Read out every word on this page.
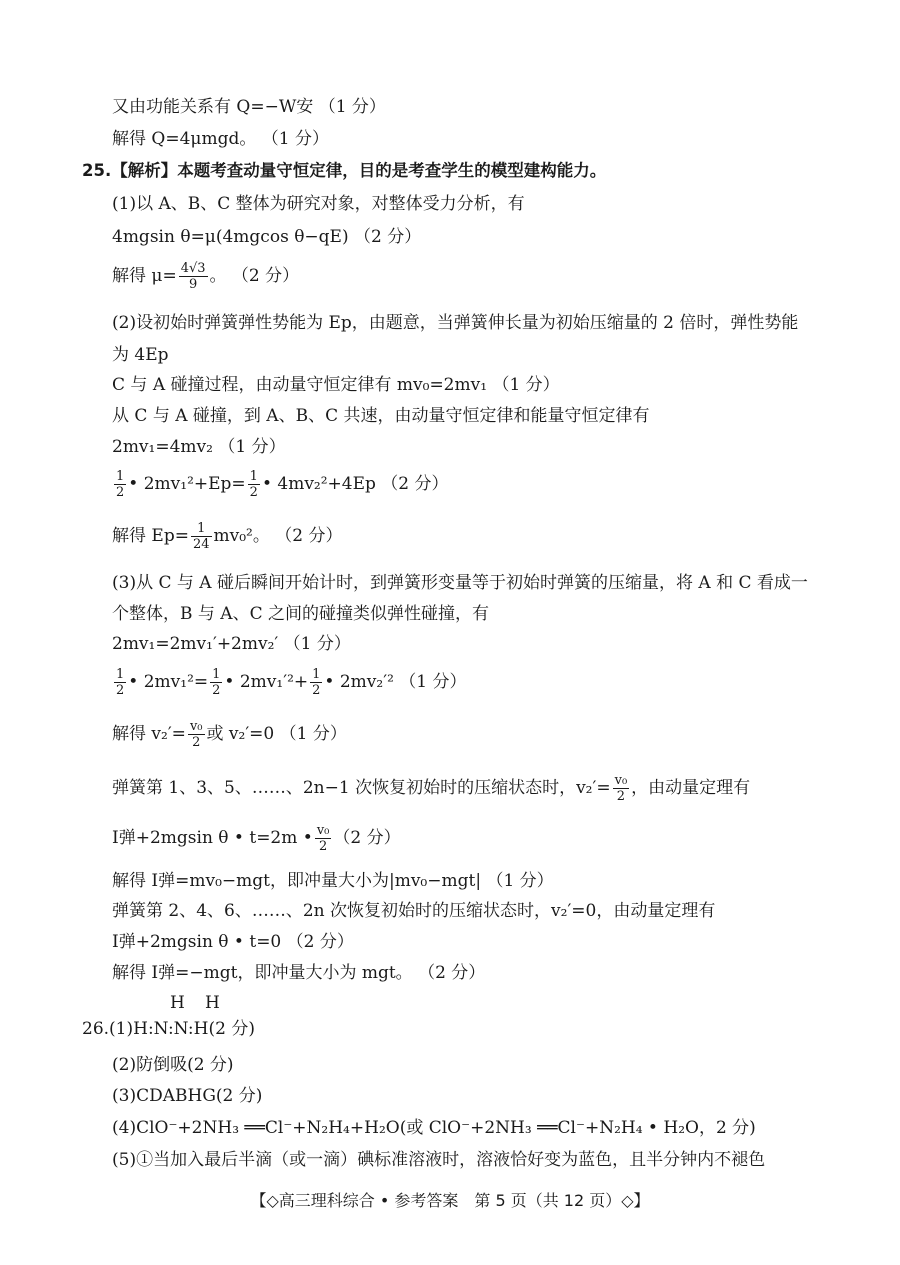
又由功能关系有 Q=−W安 （1 分）
解得 Q=4μmgd。 （1 分）
25.【解析】本题考查动量守恒定律，目的是考查学生的模型建构能力。
(1)以 A、B、C 整体为研究对象，对整体受力分析，有
4mgsin θ=μ(4mgcos θ−qE) （2 分）
解得 $\mu= \frac{4√3}{9}$ 。 （2 分）
(2)设初始时弹簧弹性势能为 Ep，由题意，当弹簧伸长量为初始压缩量的 2 倍时，弹性势能
为 4Ep
C 与 A 碰撞过程，由动量守恒定律有 mv₀=2mv₁ （1 分）
从 C 与 A 碰撞，到 A、B、C 共速，由动量守恒定律和能量守恒定律有
2mv₁=4mv₂ （1 分）
$\frac{1}{2}$ • $2mv_1^2+Ep= \frac{1}{2}$ • 4mv₂²+4Ep （2 分）
解得 $Ep= \frac{1}{24} mv_0^2$。 （2 分）
(3)从 C 与 A 碰后瞬间开始计时，到弹簧形变量等于初始时弹簧的压缩量，将 A 和 C 看成一
个整体，B 与 A、C 之间的碰撞类似弹性碰撞，有
2mv₁=2mv₁′+2mv₂′ （1 分）
$\frac{1}{2}$ • $2mv_1^2= \frac{1}{2}$ • $2mv_1'^2+ \frac{1}{2}$ • 2mv₂′² （1 分）
解得 $v_2'= \frac{\text{v₀}}{2}$ 或 v₂′=0 （1 分）
弹簧第 1、3、5、……、2n−1 次恢复初始时的压缩状态时，$v_2'= \frac{\text{v₀}}{2}$ ，由动量定理有
I弹+2mgsin θ • t=2m • $\frac{\text{v₀}}{2} (2$ 分）
解得 I弹=mv₀−mgt，即冲量大小为|mv₀−mgt| （1 分）
弹簧第 2、4、6、……、2n 次恢复初始时的压缩状态时，v₂′=0，由动量定理有
I弹+2mgsin θ • t=0 （2 分）
解得 I弹=−mgt，即冲量大小为 mgt。 （2 分）
H H
26.(1)H:N:N:H(2 分)
(2)防倒吸(2 分)
(3)CDABHG(2 分)
(4)ClO⁻+2NH₃ ══Cl⁻+N₂H₄+H₂O(或 ClO⁻+2NH₃ ══Cl⁻+N₂H₄ • H₂O，2 分)
(5)①当加入最后半滴（或一滴）碘标准溶液时，溶液恰好变为蓝色，且半分钟内不褪色
【◇高三理科综合 • 参考答案　第 5 页（共 12 页）◇】
